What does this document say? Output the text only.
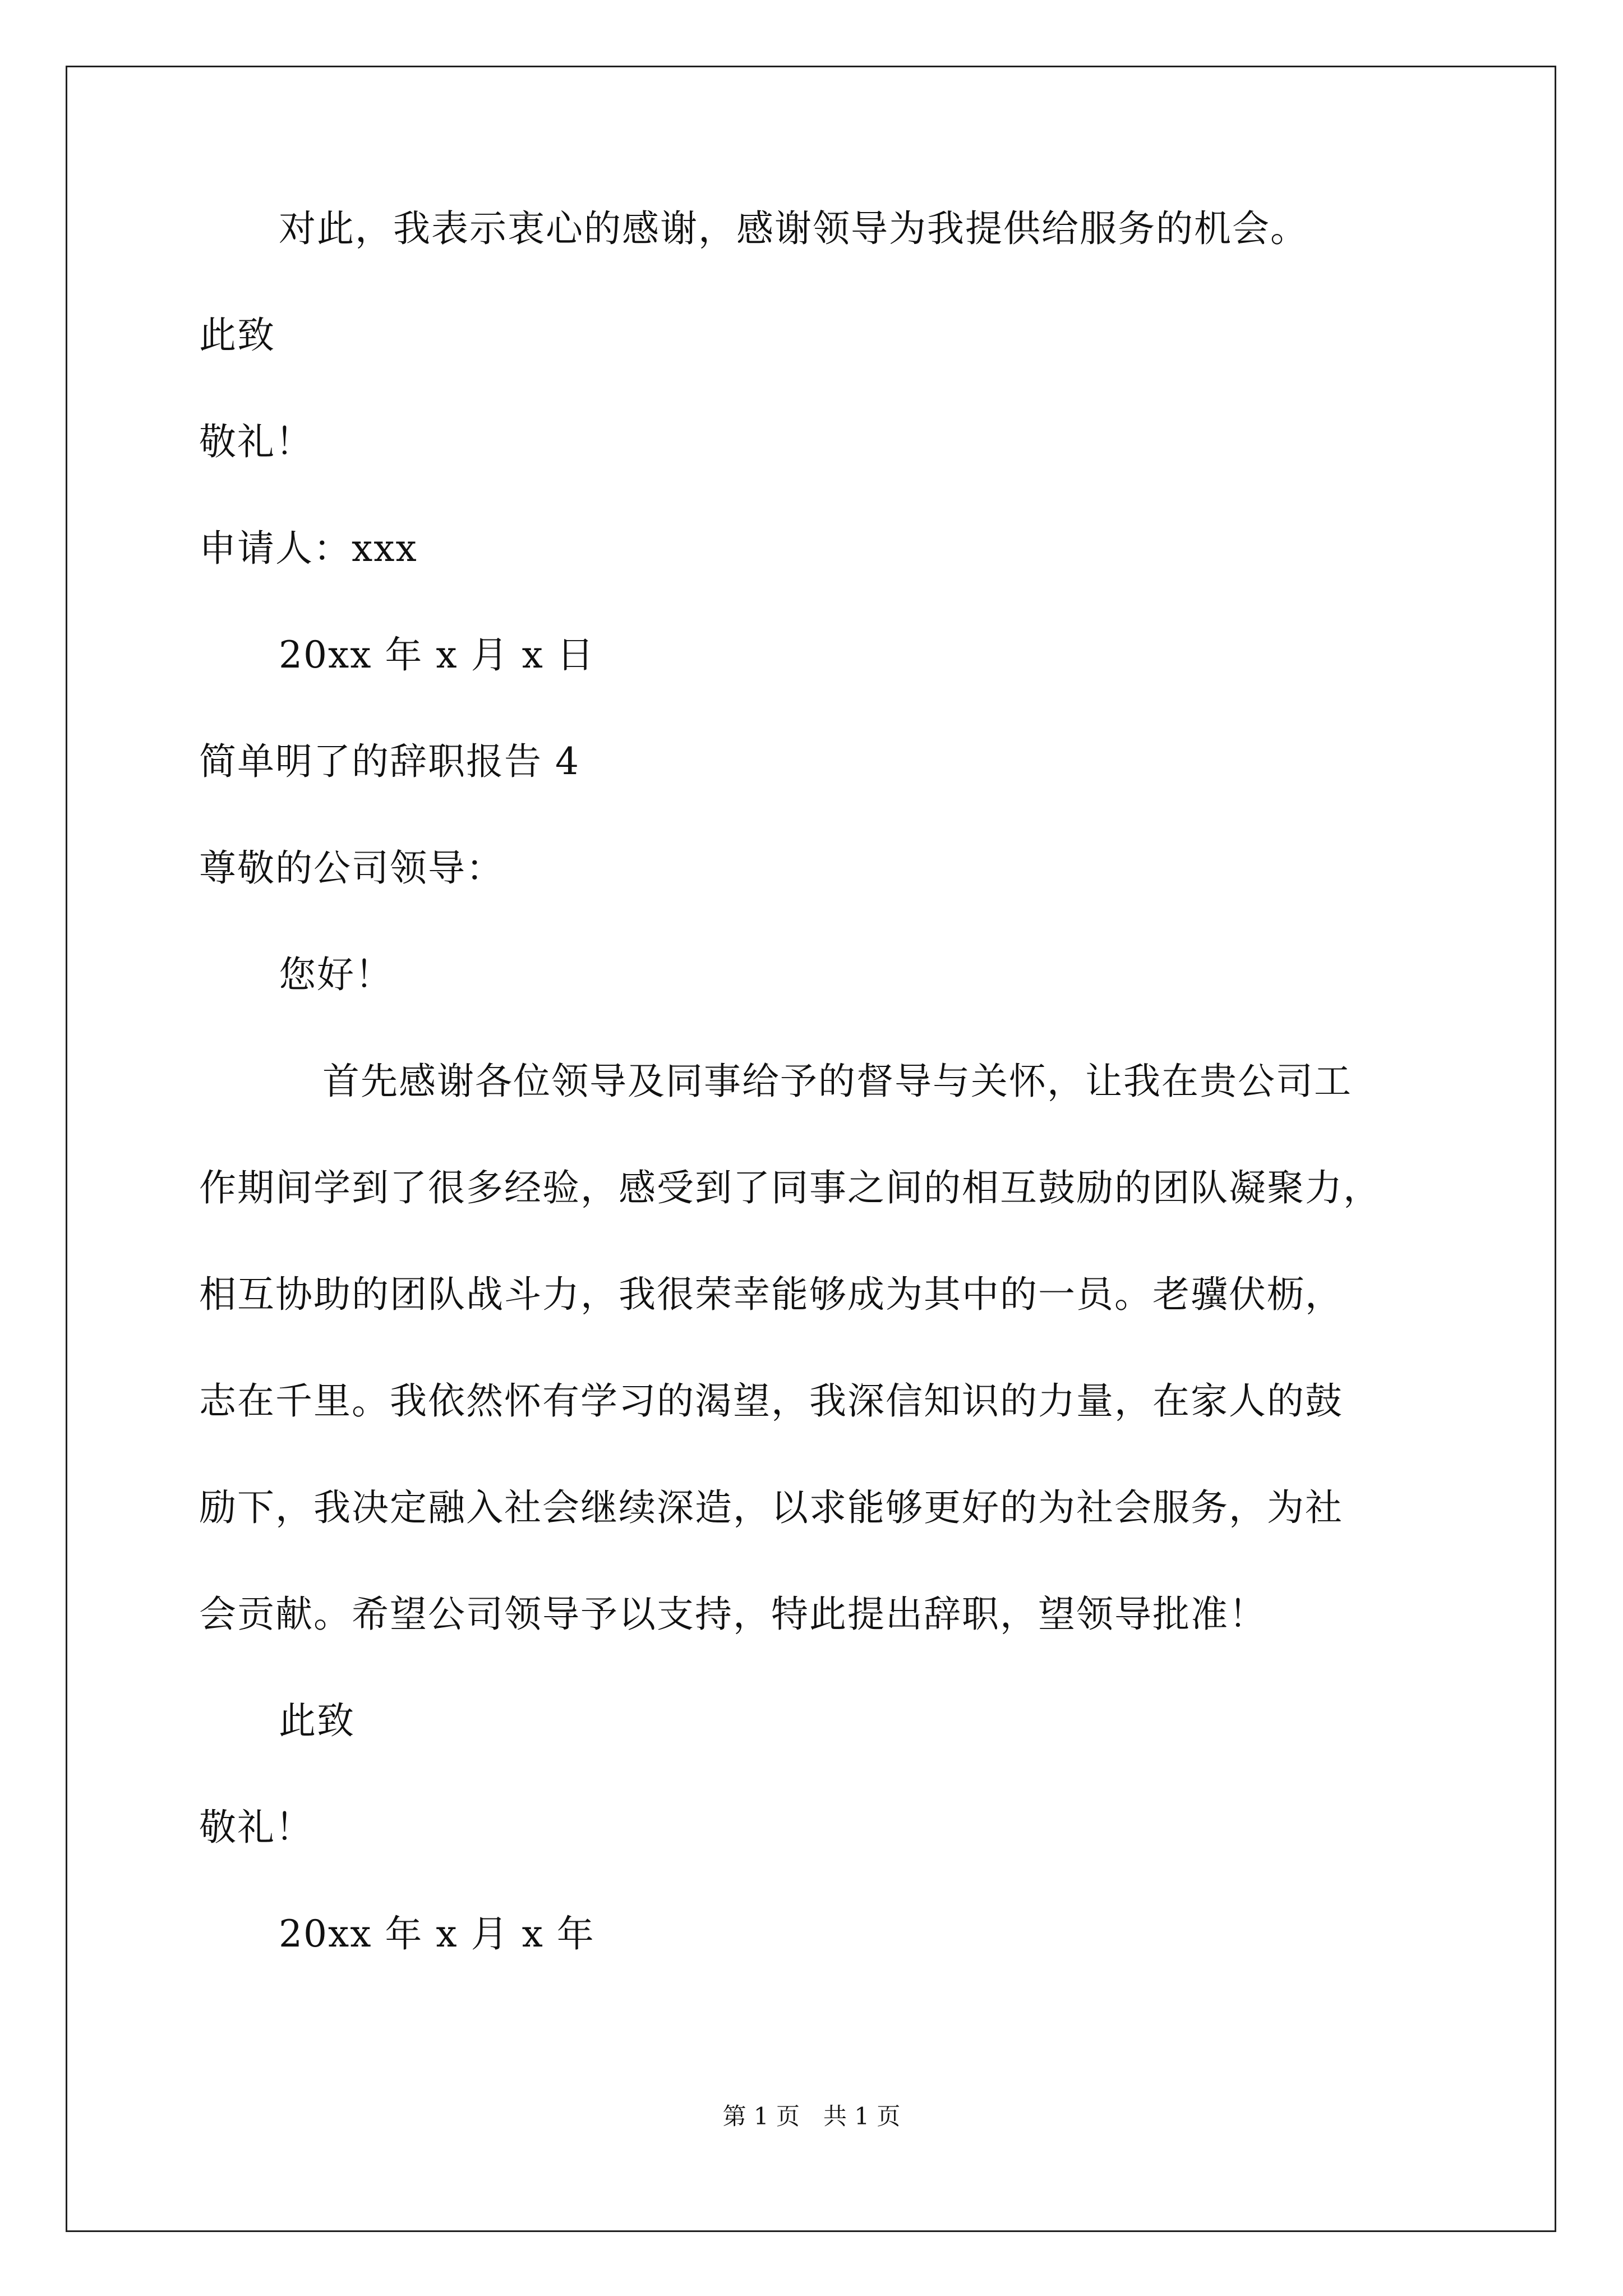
对此，我表示衷心的感谢，感谢领导为我提供给服务的机会。
此致
敬礼！
申请人：xxx
20xx 年 x 月 x 日
简单明了的辞职报告 4
尊敬的公司领导：
您好！
首先感谢各位领导及同事给予的督导与关怀，让我在贵公司工
作期间学到了很多经验，感受到了同事之间的相互鼓励的团队凝聚力，
相互协助的团队战斗力，我很荣幸能够成为其中的一员。老骥伏枥，
志在千里。我依然怀有学习的渴望，我深信知识的力量，在家人的鼓
励下，我决定融入社会继续深造，以求能够更好的为社会服务，为社
会贡献。希望公司领导予以支持，特此提出辞职，望领导批准！
此致
敬礼！
20xx 年 x 月 x 年
第 1 页　共 1 页
